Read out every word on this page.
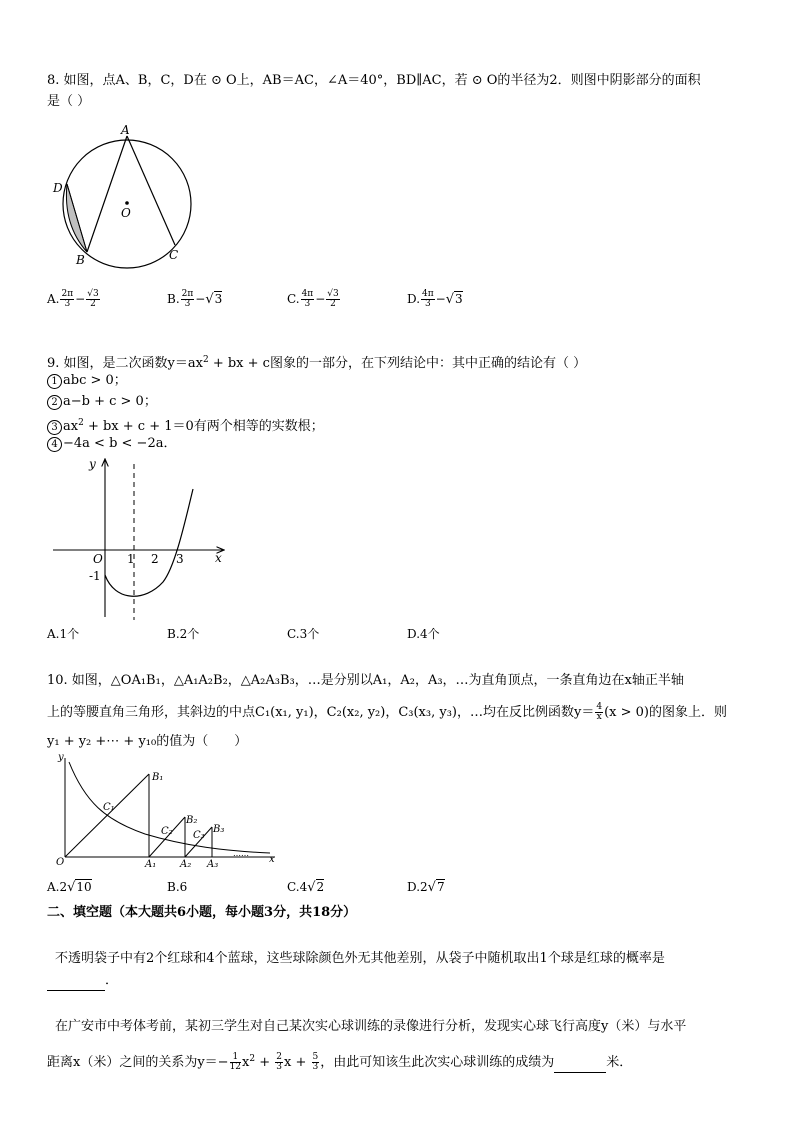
8. 如图，点A、B，C，D在 ⊙ O上，AB＝AC，∠A＝40°，BD∥AC，若 ⊙ O的半径为2．则图中阴影部分的面积
是（ ）
A
D
B	C
O
A. $\frac{2\pi}{3} - \frac{√3}{2}$	B. $\frac{2\pi}{3} -√3$	C. $\frac{4\pi}{3} - \frac{√3}{2}$	D. $\frac{4\pi}{3} -√3$
9. 如图，是二次函数$y=ax^2$ + bx + c图象的一部分，在下列结论中：其中正确的结论有（ ）
1 abc > 0；
2 a−b + c > 0；
3 $ax^2$ + bx + c + 1＝0有两个相等的实数根；
4 −4a < b < −2a．
y
x
O 1 2 3
-1
A.1个	B.2个	C.3个	D.4个
10. 如图，△OA₁B₁，△A₁A₂B₂，△A₂A₃B₃，…是分别以A₁，A₂，A₃，…为直角顶点，一条直角边在x轴正半轴
上的等腰直角三角形，其斜边的中点C₁(x₁, y₁)，C₂(x₂, y₂)，C₃(x₃, y₃)，…均在反比例函数$y= \frac{4}{x} (x > 0)$的图象上．则
y₁ + y₂ +⋯ + y₁₀的值为（　　）
y
x
O
B₁
B₂
B₃
C₁
C₂ C₃
A₁ A₂ A₃
……
A.2√10	B.6	C.4√2	D.2√7
二、填空题（本大题共6小题，每小题3分，共18分）
不透明袋子中有2个红球和4个蓝球，这些球除颜色外无其他差别，从袋子中随机取出1个球是红球的概率是
．
在广安市中考体考前，某初三学生对自己某次实心球训练的录像进行分析，发现实心球飞行高度y（米）与水平
距离x（米）之间的关系为$y=- \frac{1}{12} x^2 + \frac{2}{3}$ $x + \frac{5}{3}$ ，由此可知该生此次实心球训练的成绩为	米．
